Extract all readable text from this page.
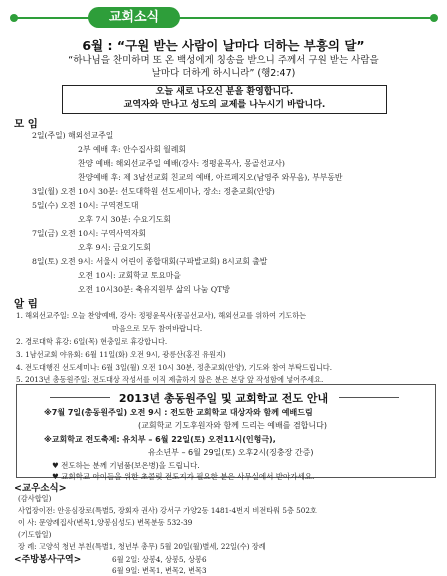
교회소식
6월 : “구원 받는 사람이 날마다 더하는 부흥의 달”
“하나님을 찬미하며 또 온 백성에게 칭송을 받으니 주께서 구원 받는 사람을
날마다 더하게 하시니라” (행2:47)
오늘 새로 나오신 분을 환영합니다.
교역자와 만나고 성도의 교제를 나누시기 바랍니다.
모 임
2일(주일) 해외선교주일
2부 예배 후: 안수집사회 월례회
찬양 예배: 해외선교주일 예배(강사: 정평윤목사, 몽골선교사)
찬양예배 후: 제 3남선교회 친교의 예배, 아르페지오(남영주 와무음), 부부동반
3일(월) 오전 10시 30분: 선도대학원 선도세미나, 장소: 정춘교회(안양)
5일(수) 오전 10시: 구역전도대
오후 7시 30분: 수요기도회
7일(금) 오전 10시: 구역사역자회
오후 9시: 금요기도회
8일(토) 오전 9시: 서울시 어린이 종합대회(구파발교회) 8시교회 출발
오전 10시: 교회학교 토요마을
오전 10시30분: 축유지원부 삶의 나눔 QT방
알 림
1. 해외선교주일: 오늘 찬양예배, 강사: 정평윤목사(몽골선교사), 해외선교를 위하여 기도하는
마음으로 모두 참여바랍니다.
2. 경로대학 휴강: 6일(목) 현충일로 휴강합니다.
3. 1남선교회 야유회: 6월 11일(화) 오전 9시, 광릉산(홍진 유원지)
4. 전도대행진 선도세미나: 6월 3일(월) 오전 10시 30분, 정춘교회(안양), 기도와 참여 부탁드립니다.
5. 2013년 총동원주일: 전도대상 작성서를 이직 제출하지 않은 분은 본당 앞 작성함에 넣어주세요.
2013년 총동원주일 및 교회학교 전도 안내
※7월 7일(총동원주일) 오전 9시 : 전도한 교회학교 대상자와 함께 예배드림
(교회학교 기도후원자와 함께 드리는 예배를 겸합니다)
※교회학교 전도축제: 유치부 – 6월 22일(토) 오전11시(인형극),
유소년부 – 6월 29일(토) 오후2시(징충장 간증)
♥ 전도하는 분께 기념품(보온병)을 드립니다.
♥ 교회학교 아이들을 위한 초콜릿 전도지가 필요한 분은 사무실에서 받아가세요.
<교우소식>
(감사합일)
사업장이전: 안응심장로(특별5, 장회자 권사) 강서구 가양2동 1481-4번지 비전타워 5층 502호
이 사: 문양례집사(변목1,양봉심성도) 변목분동 532-39
(기도합일)
장 례: 고양석 청년 부친(특별1, 청년부 총무) 5월 20일(월)별세, 22일(수) 장례
<주방봉사구역>	6월 2일: 상봉4, 상봉5, 상봉6
6월 9일: 변목1, 변목2, 변목3
